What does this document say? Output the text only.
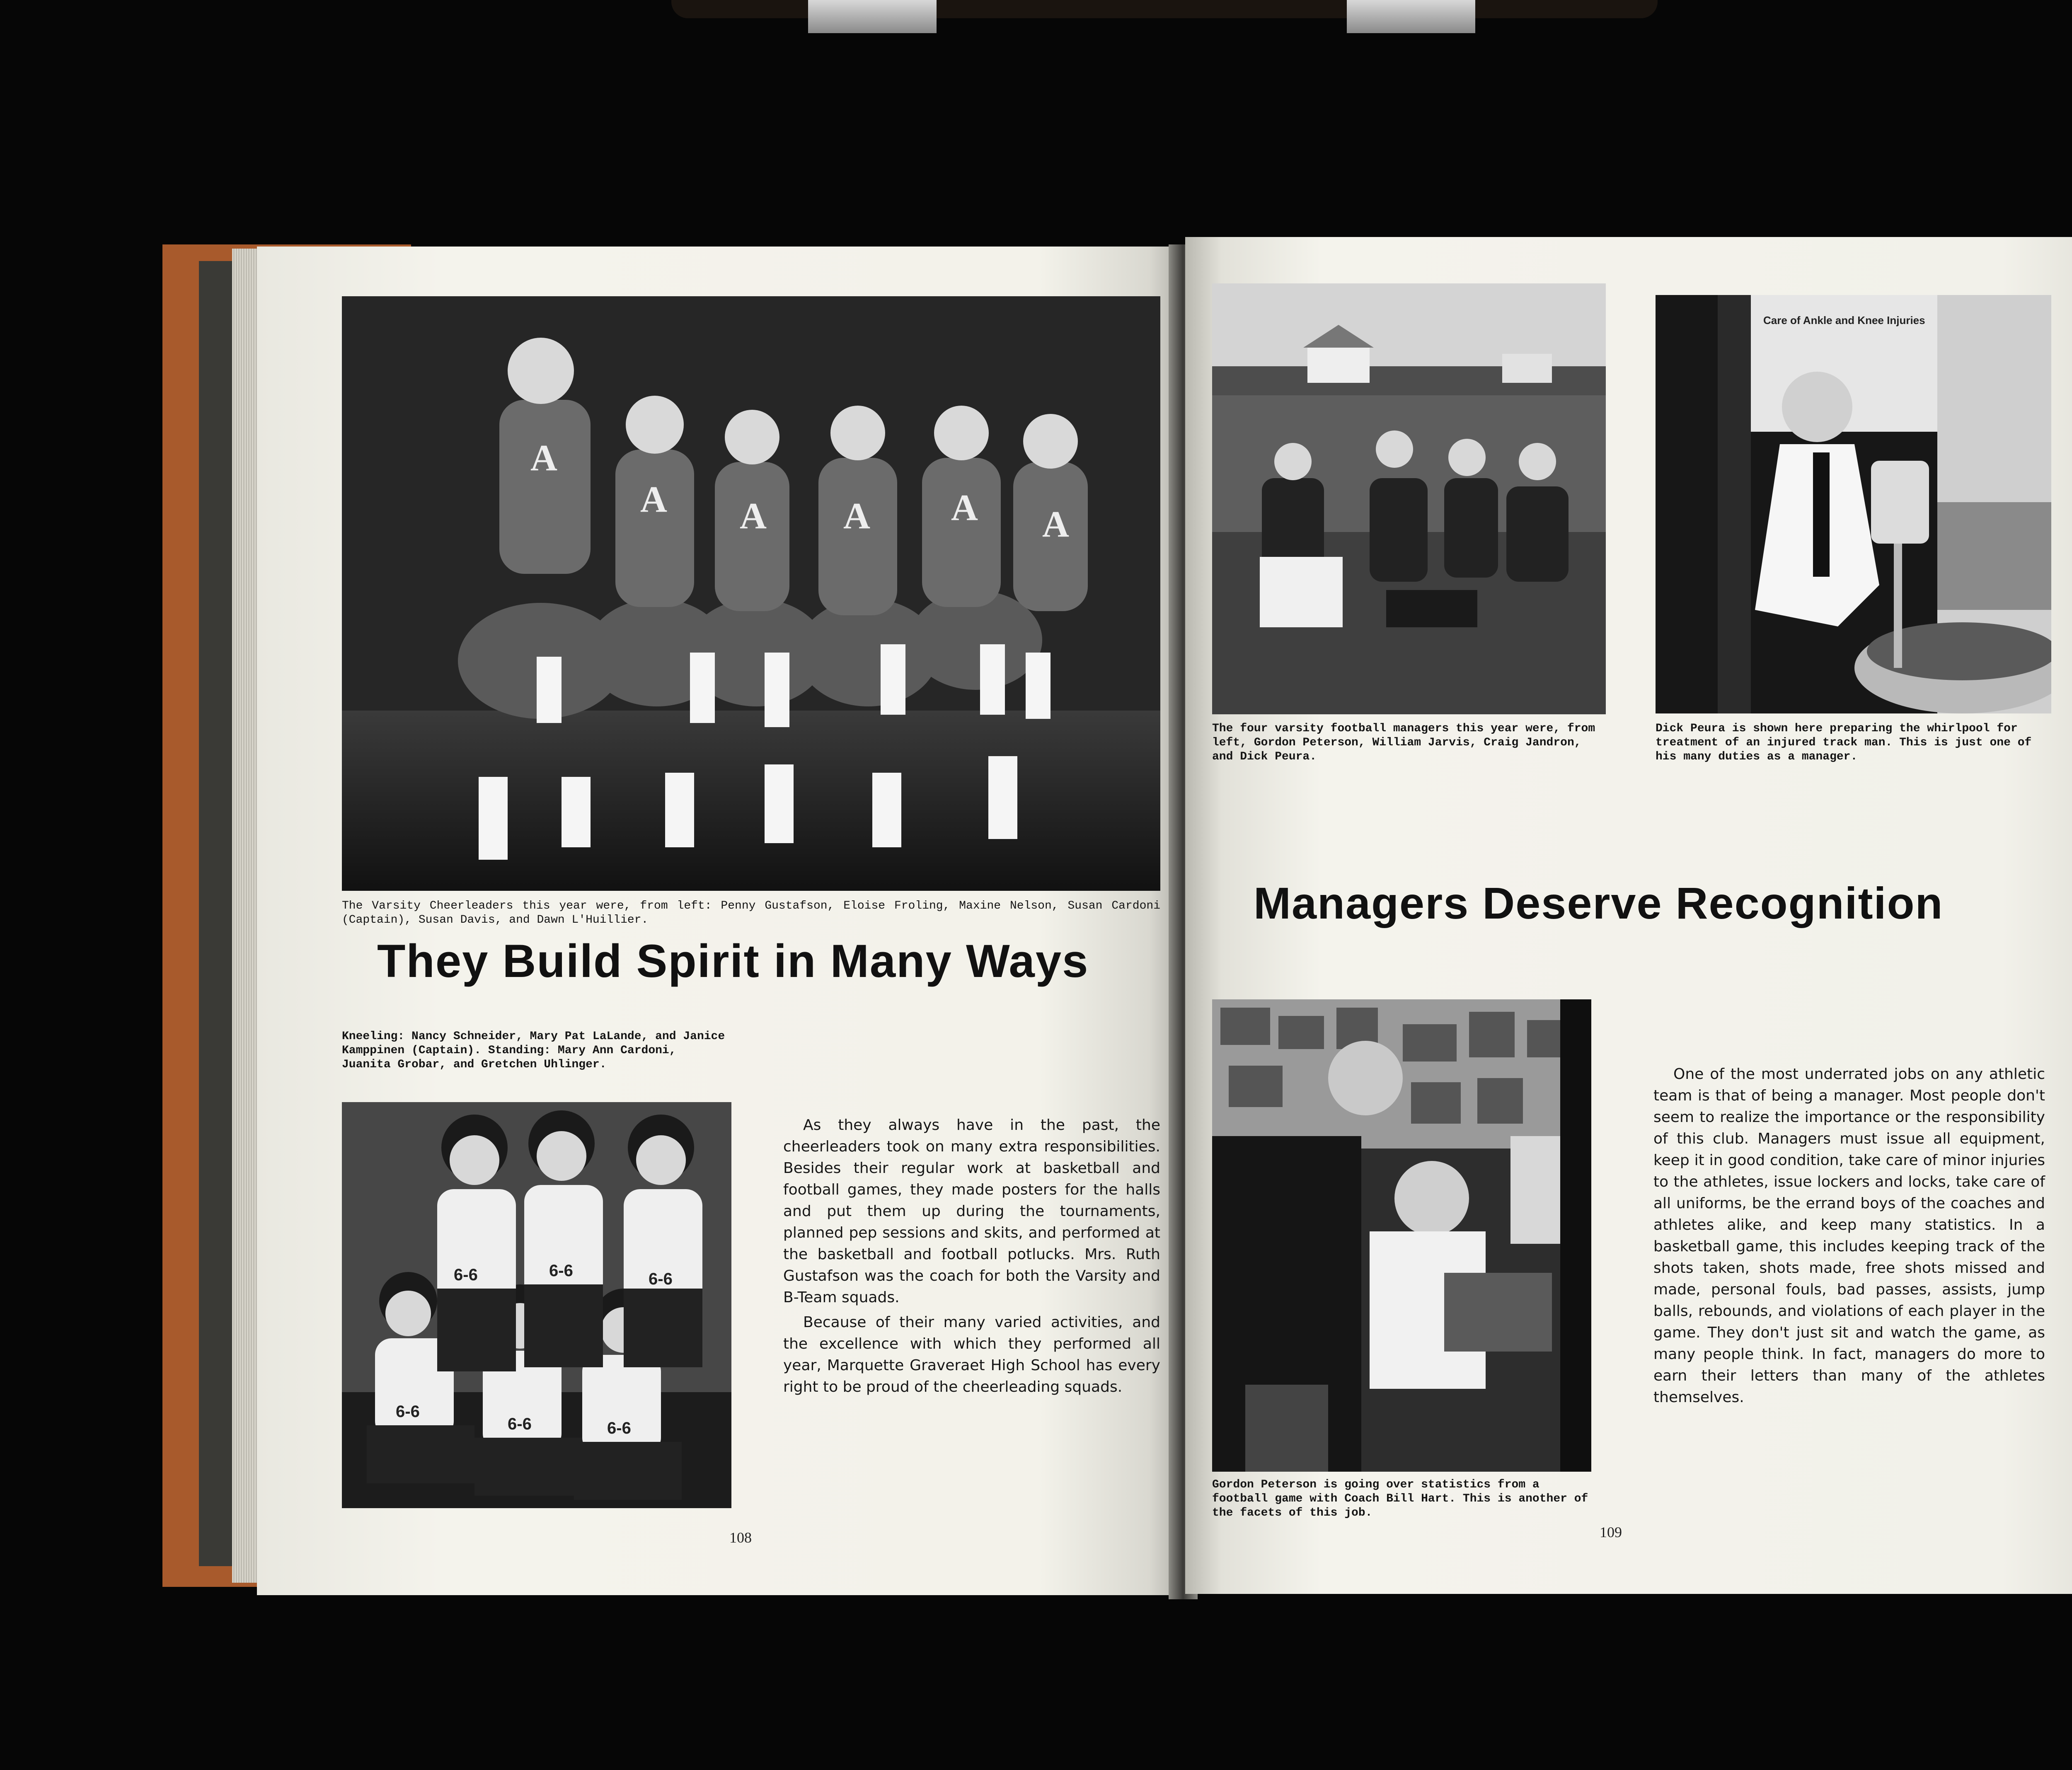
A
A A A A A
The Varsity Cheerleaders this year were, from left: Penny Gustafson, Eloise Froling, Maxine Nelson, Susan Cardoni (Captain), Susan Davis, and Dawn L'Huillier.
They Build Spirit in Many Ways
Kneeling: Nancy Schneider, Mary Pat LaLande, and Janice Kamppinen (Captain). Standing: Mary Ann Cardoni, Juanita Grobar, and Gretchen Uhlinger.
6-6	6-6	6-6
6-6
6-6	6-6

As they always have in the past, the cheerleaders took on many extra responsibilities. Besides their regular work at basketball and football games, they made posters for the halls and put them up during the tournaments, planned pep sessions and skits, and performed at the basketball and football potlucks. Mrs. Ruth Gustafson was the coach for both the Varsity and B-Team squads.

Because of their many varied activities, and the excellence with which they performed all year, Marquette Graveraet High School has every right to be proud of the cheerleading squads.

108
The four varsity football managers this year were, from left, Gordon Peterson, William Jarvis, Craig Jandron, and Dick Peura.
Care of Ankle and Knee Injuries
Dick Peura is shown here preparing the whirlpool for treatment of an injured track man. This is just one of his many duties as a manager.
Managers Deserve Recognition
Gordon Peterson is going over statistics from a football game with Coach Bill Hart. This is another of the facets of this job.

One of the most underrated jobs on any athletic team is that of being a manager. Most people don't seem to realize the importance or the responsibility of this club. Managers must issue all equipment, keep it in good condition, take care of minor injuries to the athletes, issue lockers and locks, take care of all uniforms, be the errand boys of the coaches and athletes alike, and keep many statistics. In a basketball game, this includes keeping track of the shots taken, shots made, free shots missed and made, personal fouls, bad passes, assists, jump balls, rebounds, and violations of each player in the game. They don't just sit and watch the game, as many people think. In fact, managers do more to earn their letters than many of the athletes themselves.

109
